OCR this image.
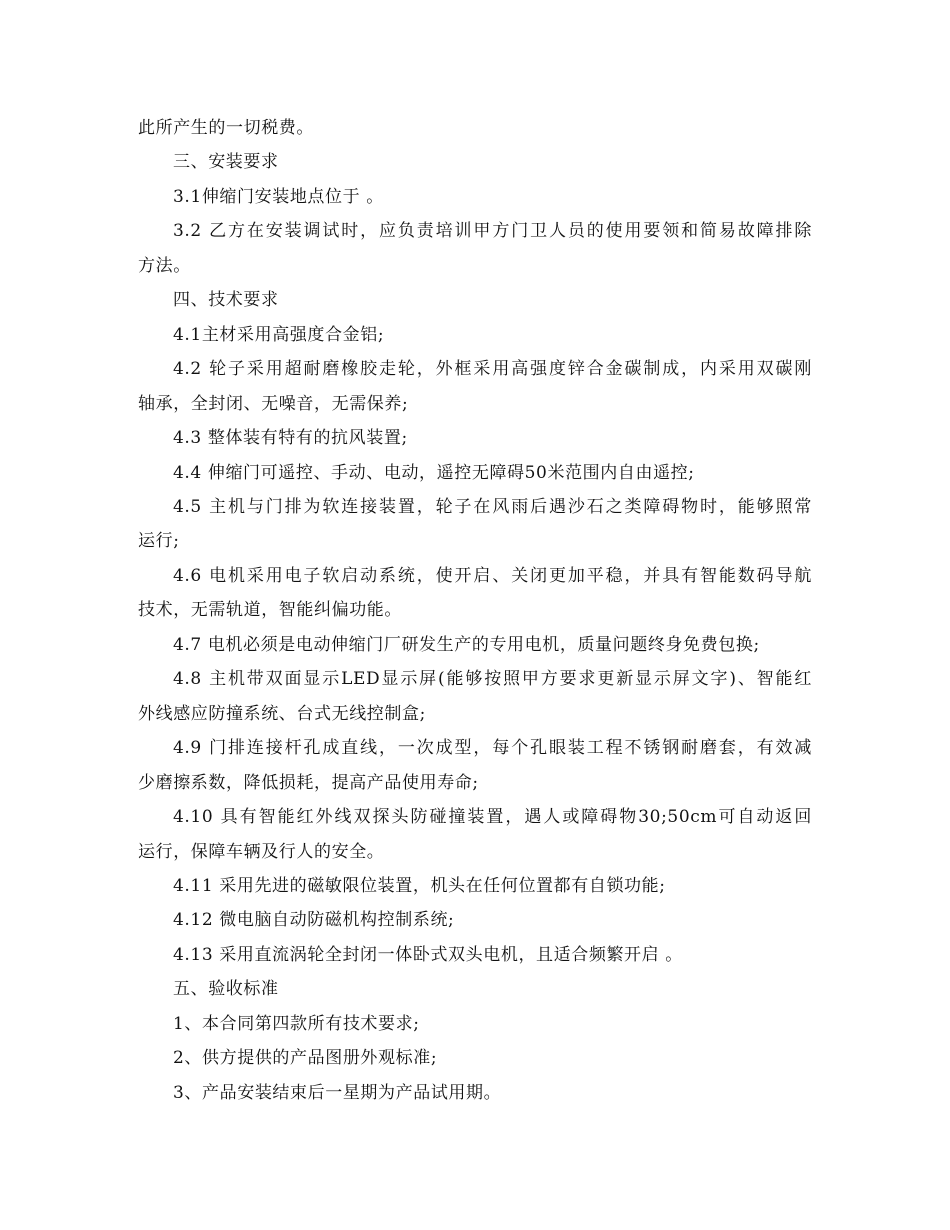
此所产生的一切税费。
三、安装要求
3.1伸缩门安装地点位于 。
3.2 乙方在安装调试时，应负责培训甲方门卫人员的使用要领和简易故障排除
方法。
四、技术要求
4.1主材采用高强度合金铝;
4.2 轮子采用超耐磨橡胶走轮，外框采用高强度锌合金碳制成，内采用双碳刚
轴承，全封闭、无噪音，无需保养;
4.3 整体装有特有的抗风装置;
4.4 伸缩门可遥控、手动、电动，遥控无障碍50米范围内自由遥控;
4.5 主机与门排为软连接装置，轮子在风雨后遇沙石之类障碍物时，能够照常
运行;
4.6 电机采用电子软启动系统，使开启、关闭更加平稳，并具有智能数码导航
技术，无需轨道，智能纠偏功能。
4.7 电机必须是电动伸缩门厂研发生产的专用电机，质量问题终身免费包换;
4.8 主机带双面显示LED显示屏(能够按照甲方要求更新显示屏文字)、智能红
外线感应防撞系统、台式无线控制盒;
4.9 门排连接杆孔成直线，一次成型，每个孔眼装工程不锈钢耐磨套，有效减
少磨擦系数，降低损耗，提高产品使用寿命;
4.10 具有智能红外线双探头防碰撞装置，遇人或障碍物30;50cm可自动返回
运行，保障车辆及行人的安全。
4.11 采用先进的磁敏限位装置，机头在任何位置都有自锁功能;
4.12 微电脑自动防磁机构控制系统;
4.13 采用直流涡轮全封闭一体卧式双头电机，且适合频繁开启 。
五、验收标准
1、本合同第四款所有技术要求;
2、供方提供的产品图册外观标准;
3、产品安装结束后一星期为产品试用期。
